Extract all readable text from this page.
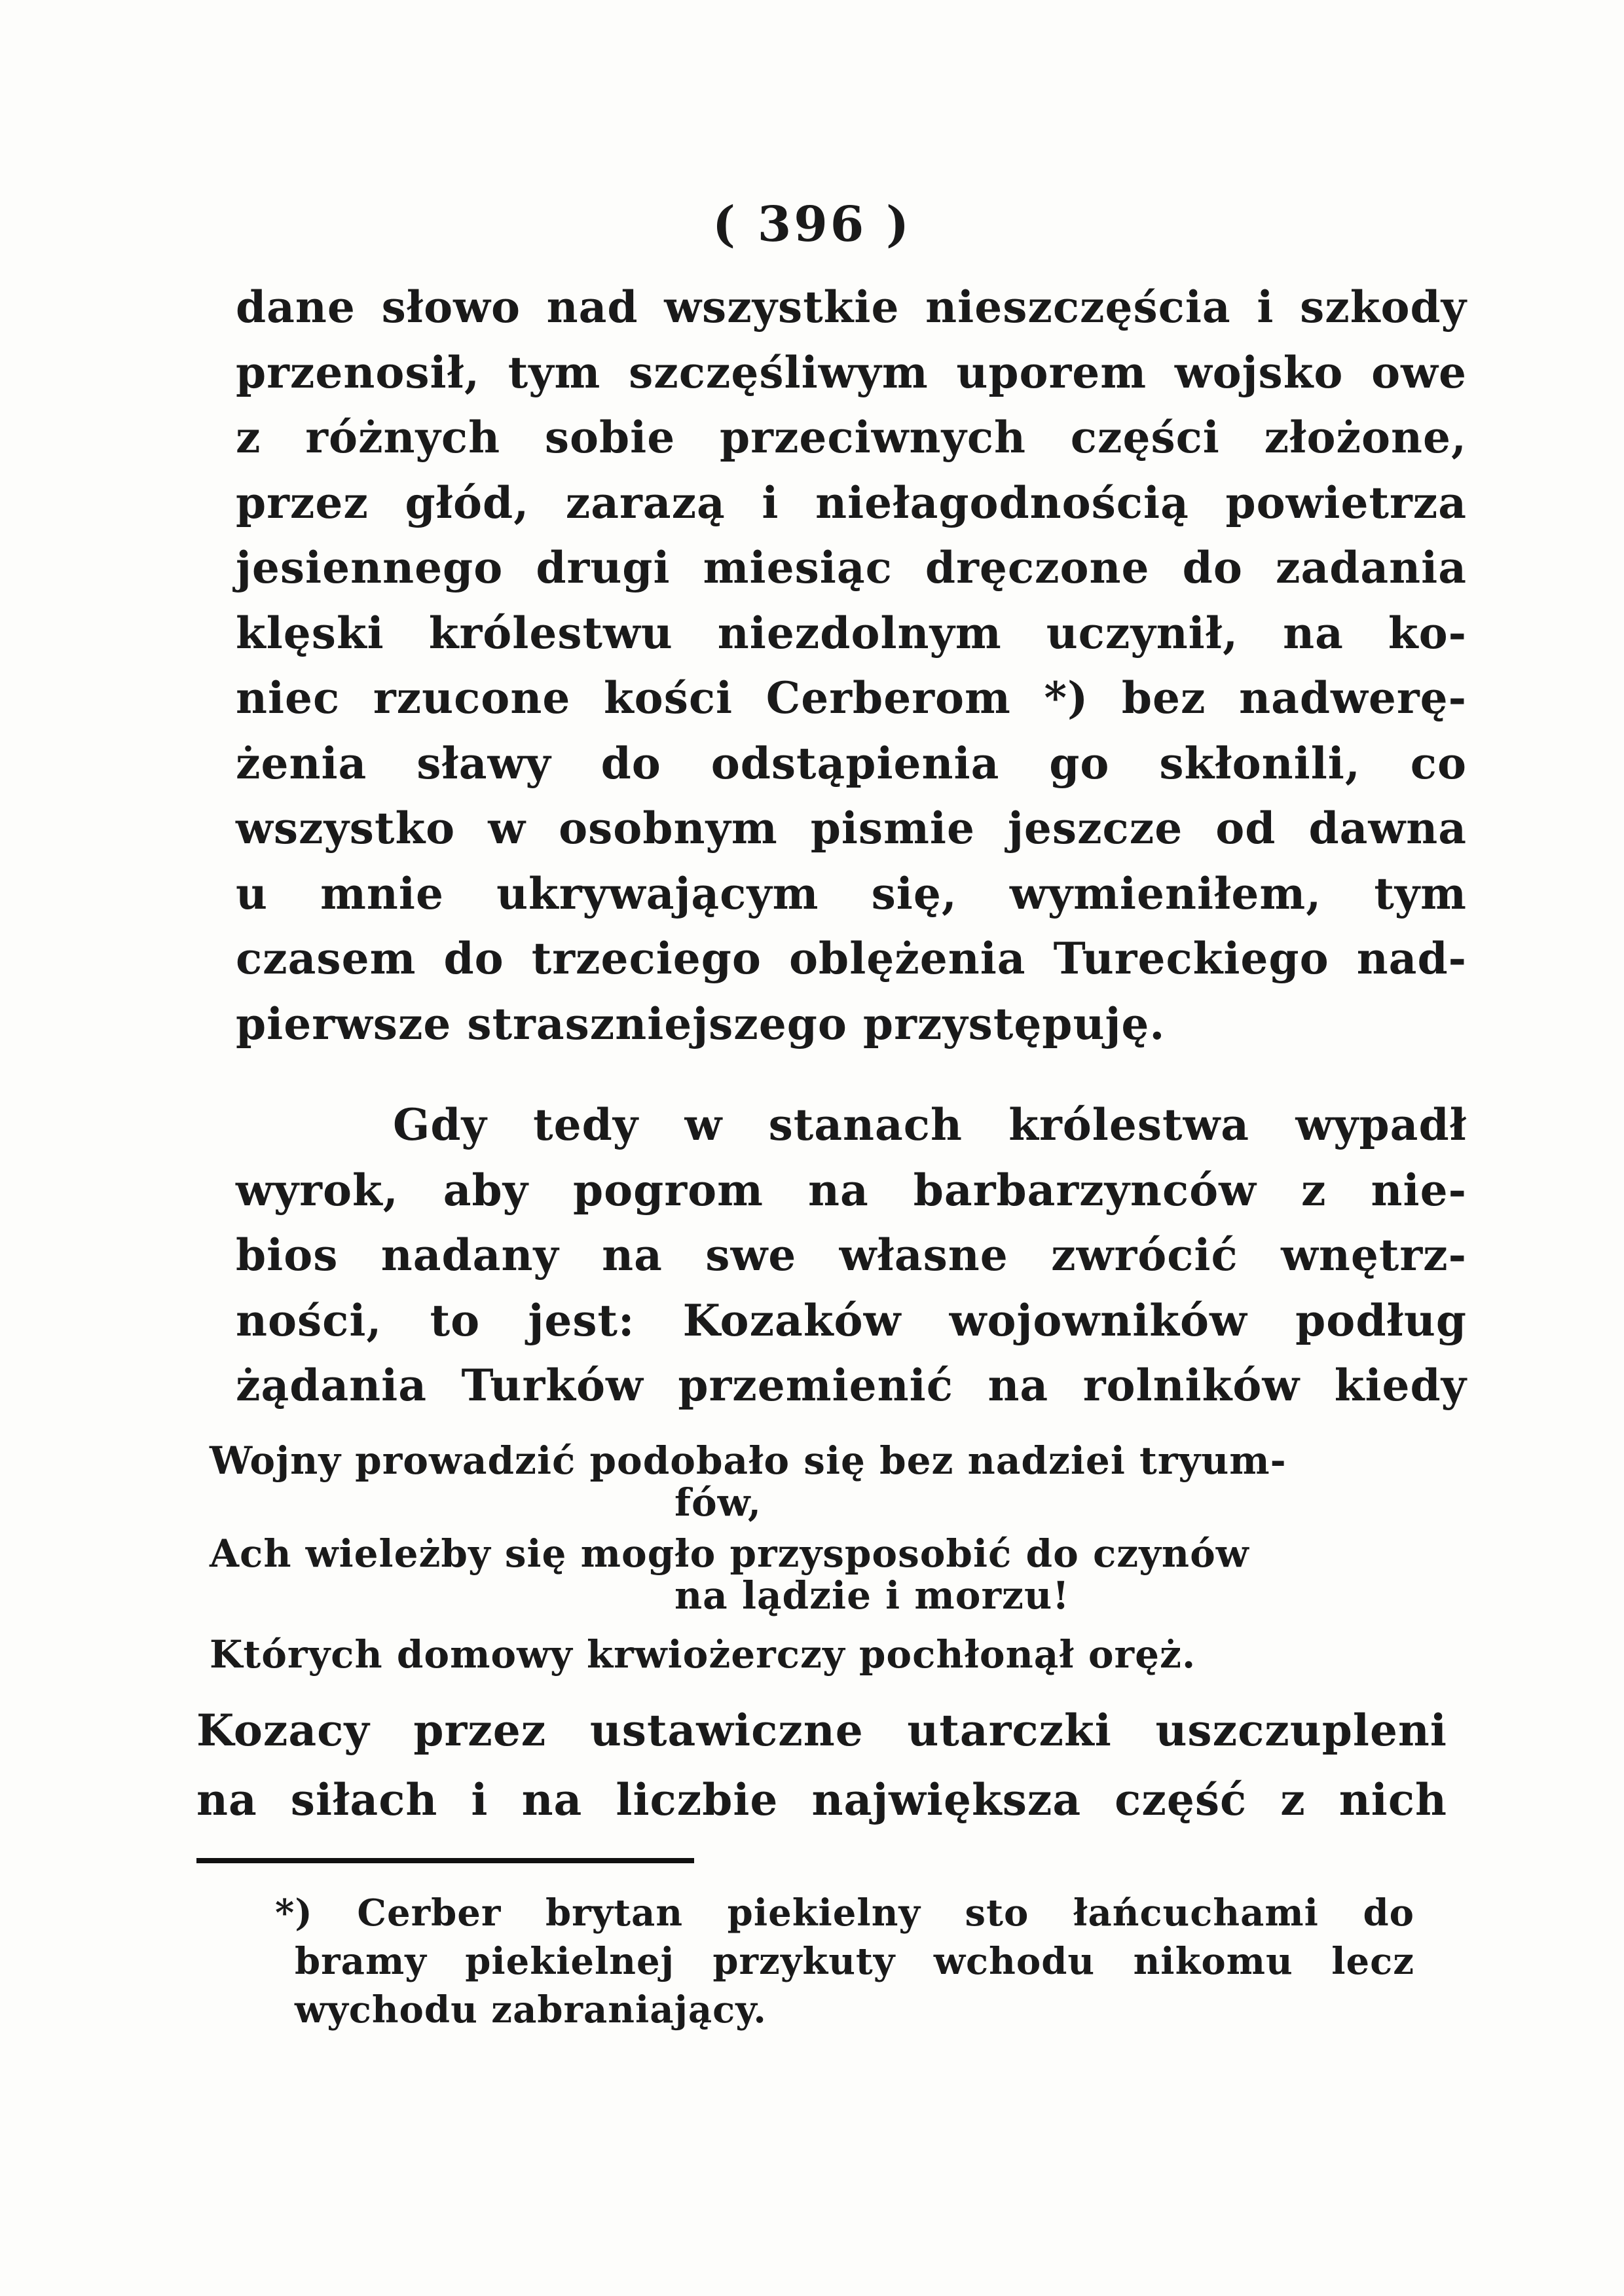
( 396 )
dane słowo nad wszystkie nieszczęścia i szkody
przenosił, tym szczęśliwym uporem wojsko owe
z różnych sobie przeciwnych części złożone,
przez głód, zarazą i niełagodnością powietrza
jesiennego drugi miesiąc dręczone do zadania
klęski królestwu niezdolnym uczynił, na ko-
niec rzucone kości Cerberom *) bez nadwerę-
żenia sławy do odstąpienia go skłonili, co
wszystko w osobnym pismie jeszcze od dawna
u mnie ukrywającym się, wymieniłem, tym
czasem do trzeciego oblężenia Tureckiego nad-
pierwsze straszniejszego przystępuję.
Gdy tedy w stanach królestwa wypadł
wyrok, aby pogrom na barbarzynców z nie-
bios nadany na swe własne zwrócić wnętrz-
ności, to jest: Kozaków wojowników podług
żądania Turków przemienić na rolników kiedy
Wojny prowadzić podobało się bez nadziei tryum-
fów,
Ach wieleżby się mogło przysposobić do czynów
na lądzie i morzu!
Których domowy krwiożerczy pochłonął oręż.
Kozacy przez ustawiczne utarczki uszczupleni
na siłach i na liczbie największa część z nich
*) Cerber brytan piekielny sto łańcuchami do
bramy piekielnej przykuty wchodu nikomu lecz
wychodu zabraniający.
